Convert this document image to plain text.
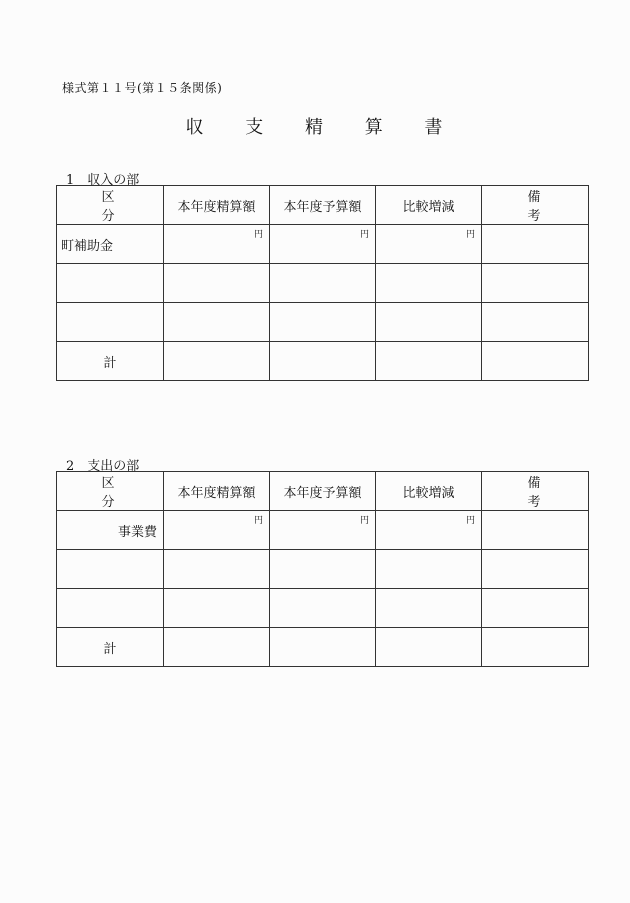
様式第１１号(第１５条関係)
収 支 精 算 書
1　収入の部
区 分	本年度精算額	本年度予算額	比較増減	備 考
町補助金	円	円	円	

計				
2　支出の部
区 分	本年度精算額	本年度予算額	比較増減	備 考
事業費	円	円	円	

計				
